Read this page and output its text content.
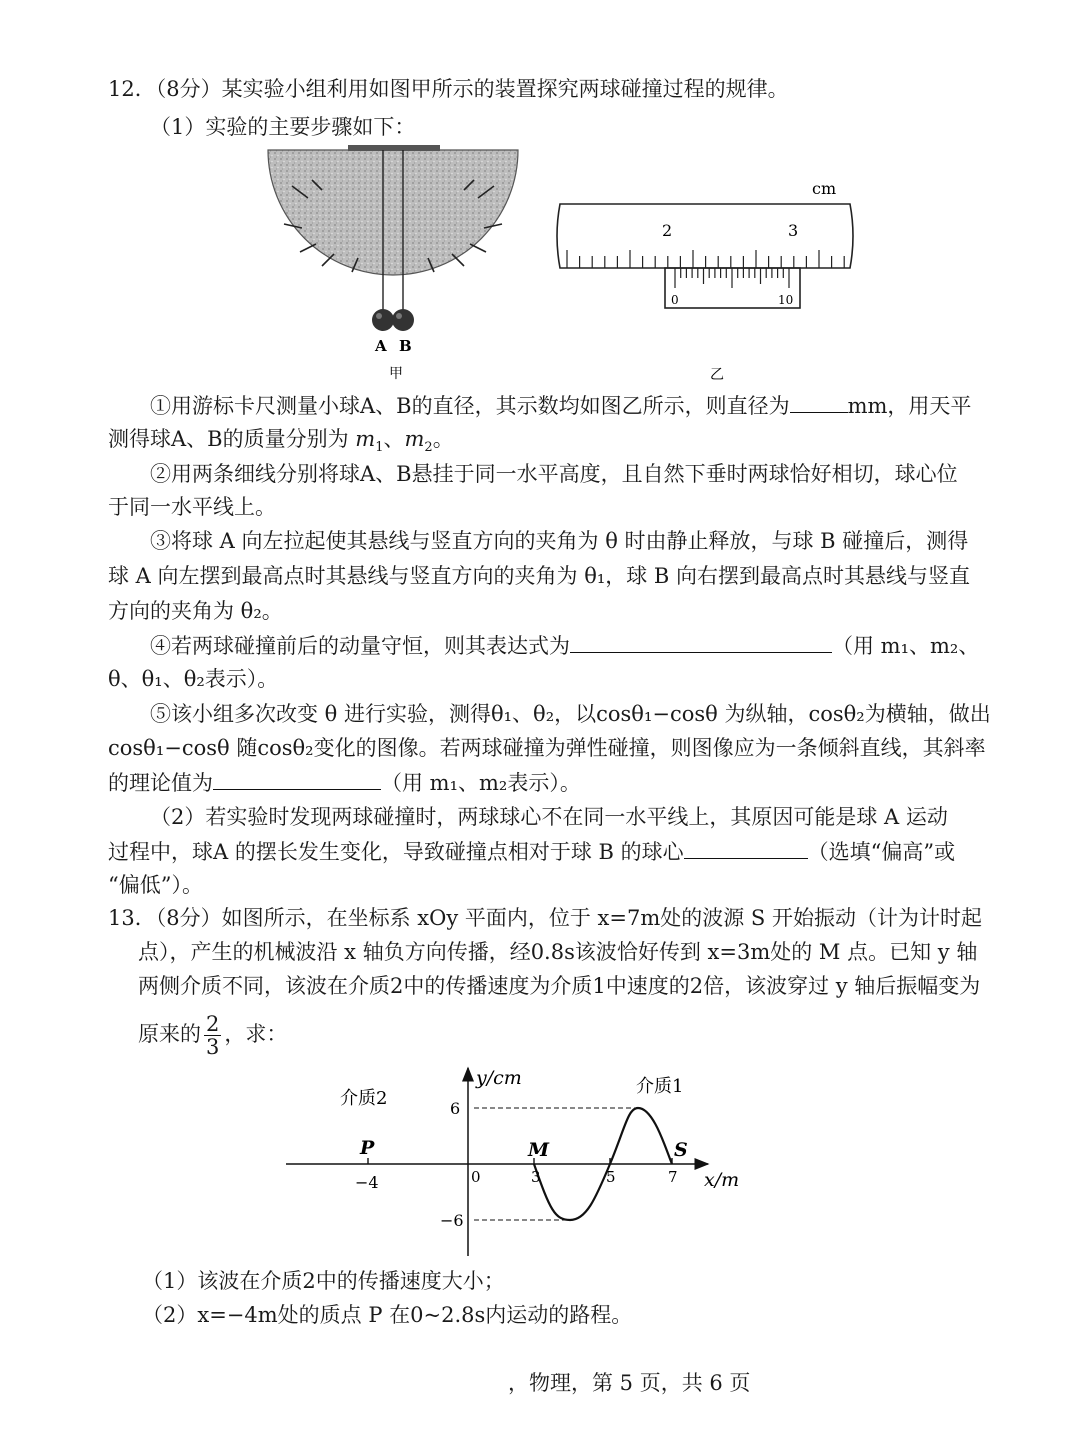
12．（8分）某实验小组利用如图甲所示的装置探究两球碰撞过程的规律。
（1）实验的主要步骤如下：
A B
甲
cm
2	3
0	10
乙
①用游标卡尺测量小球A、B的直径，其示数均如图乙所示，则直径为	mm，用天平
测得球A、B的质量分别为 $m_1$、$m_2$。
②用两条细线分别将球A、B悬挂于同一水平高度，且自然下垂时两球恰好相切，球心位
于同一水平线上。
③将球 A 向左拉起使其悬线与竖直方向的夹角为 θ 时由静止释放，与球 B 碰撞后，测得
球 A 向左摆到最高点时其悬线与竖直方向的夹角为 θ₁，球 B 向右摆到最高点时其悬线与竖直
方向的夹角为 θ₂。
④若两球碰撞前后的动量守恒，则其表达式为	（用 m₁、m₂、
θ、θ₁、θ₂表示）。
⑤该小组多次改变 θ 进行实验，测得θ₁、θ₂，以cosθ₁−cosθ 为纵轴，cosθ₂为横轴，做出
cosθ₁−cosθ 随cosθ₂变化的图像。若两球碰撞为弹性碰撞，则图像应为一条倾斜直线，其斜率
的理论值为	（用 m₁、m₂表示）。
（2）若实验时发现两球碰撞时，两球球心不在同一水平线上，其原因可能是球 A 运动
过程中，球A 的摆长发生变化，导致碰撞点相对于球 B 的球心	（选填“偏高”或
“偏低”）。
13．（8分）如图所示，在坐标系 xOy 平面内，位于 x=7m处的波源 S 开始振动（计为计时起
点），产生的机械波沿 x 轴负方向传播，经0.8s该波恰好传到 x=3m处的 M 点。已知 y 轴
两侧介质不同，该波在介质2中的传播速度为介质1中速度的2倍，该波穿过 y 轴后振幅变为
原来的 $\frac{2}{3}$ ，求：
介质2
介质1
y/cm
x/m
6
−6
0
−4	3	5	7
P	M	S
（1）该波在介质2中的传播速度大小；
（2）x=−4m处的质点 P 在0~2.8s内运动的路程。
，物理，第 5 页，共 6 页
